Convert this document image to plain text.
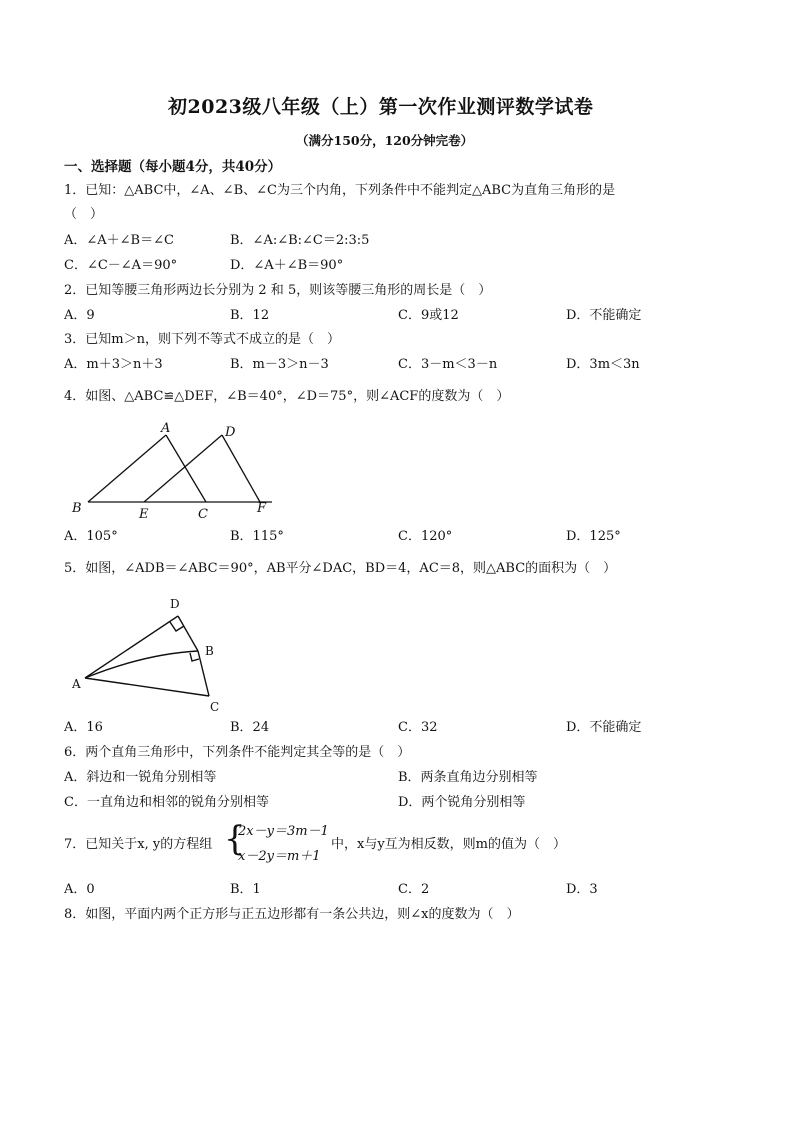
初2023级八年级（上）第一次作业测评数学试卷
（满分150分，120分钟完卷）
一、选择题（每小题4分，共40分）
1．已知：△ABC中，∠A、∠B、∠C为三个内角，下列条件中不能判定△ABC为直角三角形的是
（　）
A．∠A＋∠B＝∠C	B．∠A:∠B:∠C＝2:3:5
C．∠C－∠A＝90°	D．∠A＋∠B＝90°
2．已知等腰三角形两边长分别为 2 和 5，则该等腰三角形的周长是（　）
A．9	B．12	C．9或12	D．不能确定
3．已知m＞n，则下列不等式不成立的是（　）
A．m＋3＞n＋3	B．m－3＞n－3	C．3－m＜3－n	D．3m＜3n
4．如图、△ABC≌△DEF，∠B＝40°，∠D＝75°，则∠ACF的度数为（　）
A	D
B	E	C	F
A．105°	B．115°	C．120°	D．125°
5．如图，∠ADB＝∠ABC＝90°，AB平分∠DAC，BD＝4，AC＝8，则△ABC的面积为（　）
D
B
A
C
A．16	B．24	C．32	D．不能确定
6．两个直角三角形中，下列条件不能判定其全等的是（　）
A．斜边和一锐角分别相等	B．两条直角边分别相等
C．一直角边和相邻的锐角分别相等	D．两个锐角分别相等
7．已知关于x, y的方程组 {
2x－y＝3m－1
x－2y＝m＋1
中，x与y互为相反数，则m的值为（　）
A．0	B．1	C．2	D．3
8．如图，平面内两个正方形与正五边形都有一条公共边，则∠x的度数为（　）
